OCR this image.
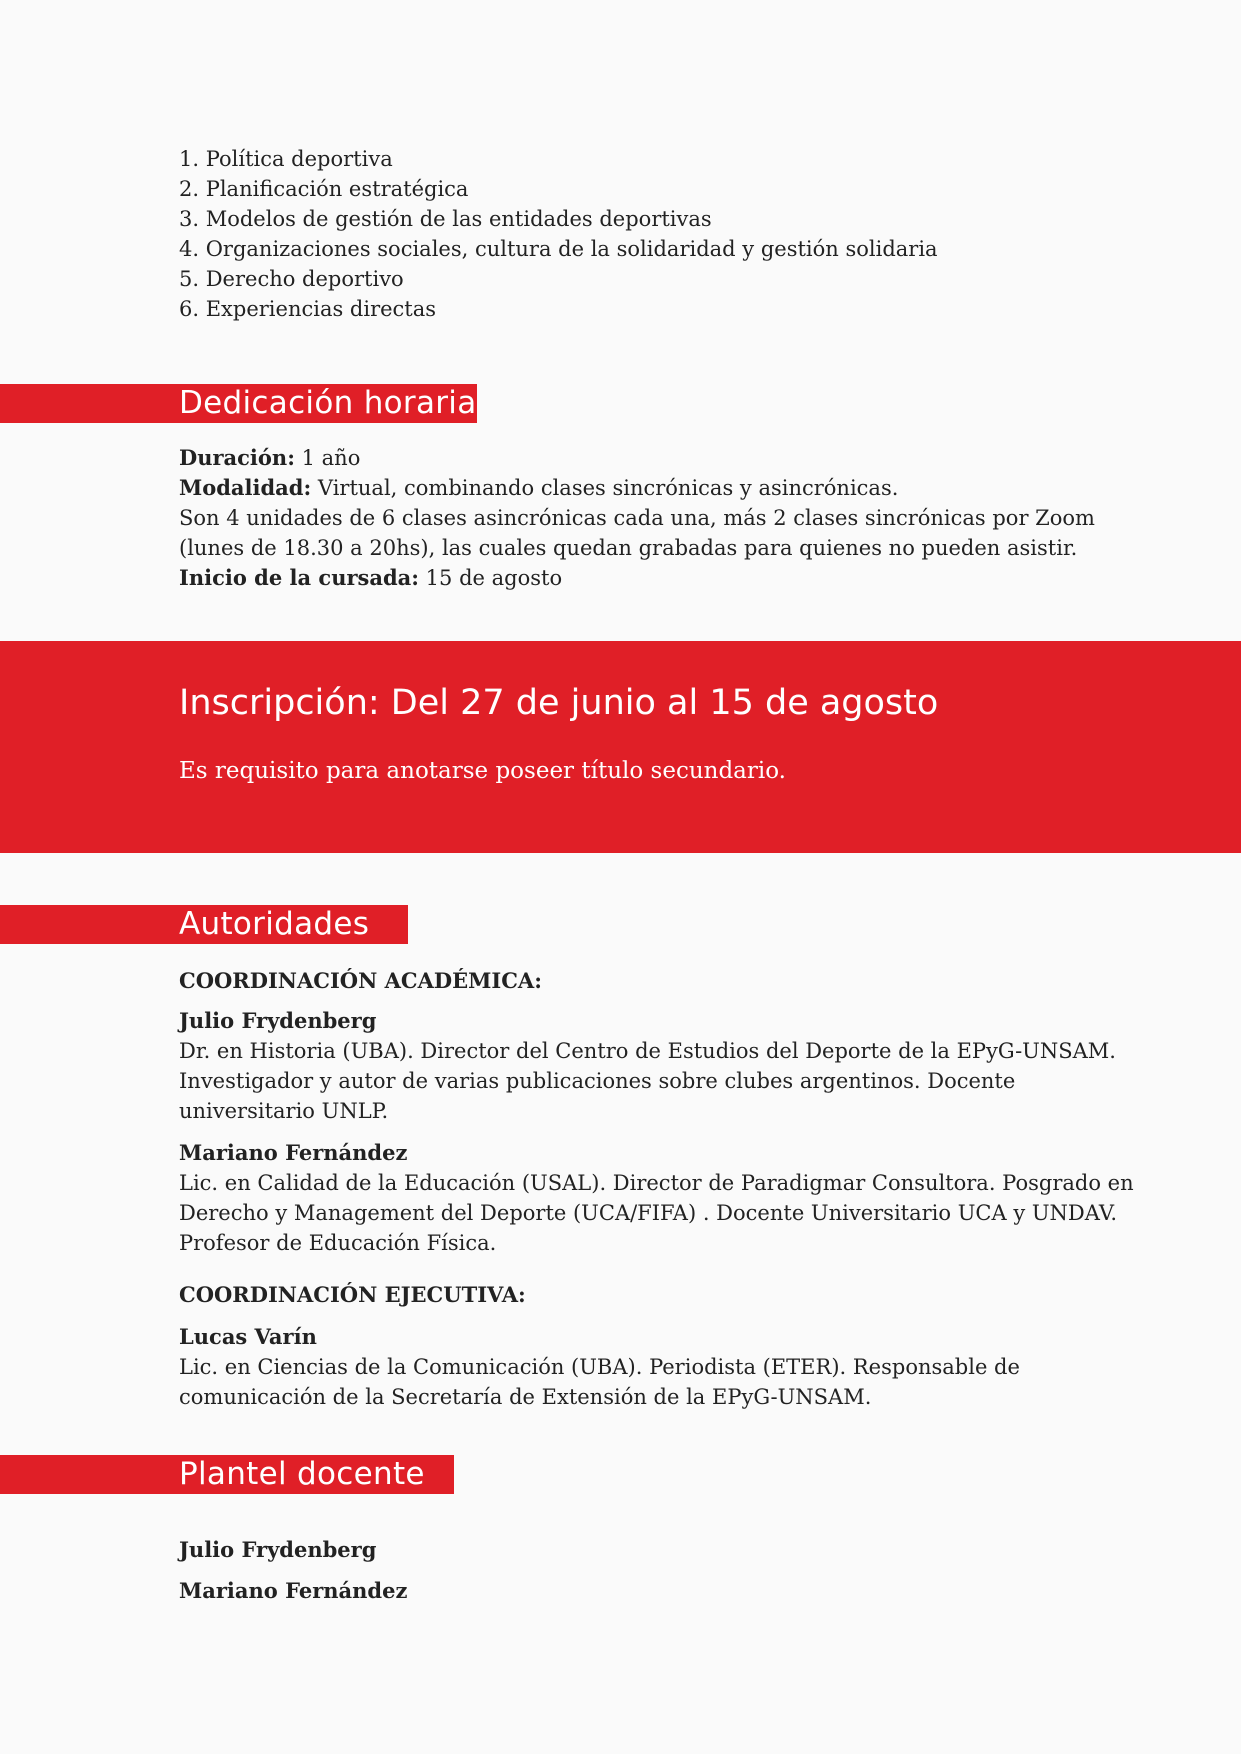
1. Política deportiva
2. Planificación estratégica
3. Modelos de gestión de las entidades deportivas
4. Organizaciones sociales, cultura de la solidaridad y gestión solidaria
5. Derecho deportivo
6. Experiencias directas
Dedicación horaria
Duración: 1 año
Modalidad: Virtual, combinando clases sincrónicas y asincrónicas.
Son 4 unidades de 6 clases asincrónicas cada una, más 2 clases sincrónicas por Zoom
(lunes de 18.30 a 20hs), las cuales quedan grabadas para quienes no pueden asistir.
Inicio de la cursada: 15 de agosto
Inscripción: Del 27 de junio al 15 de agosto
Es requisito para anotarse poseer título secundario.
Autoridades
COORDINACIÓN ACADÉMICA:
Julio Frydenberg
Dr. en Historia (UBA). Director del Centro de Estudios del Deporte de la EPyG-UNSAM.
Investigador y autor de varias publicaciones sobre clubes argentinos. Docente
universitario UNLP.
Mariano Fernández
Lic. en Calidad de la Educación (USAL). Director de Paradigmar Consultora. Posgrado en
Derecho y Management del Deporte (UCA/FIFA) . Docente Universitario UCA y UNDAV.
Profesor de Educación Física.
COORDINACIÓN EJECUTIVA:
Lucas Varín
Lic. en Ciencias de la Comunicación (UBA). Periodista (ETER). Responsable de
comunicación de la Secretaría de Extensión de la EPyG-UNSAM.
Plantel docente
Julio Frydenberg
Mariano Fernández
